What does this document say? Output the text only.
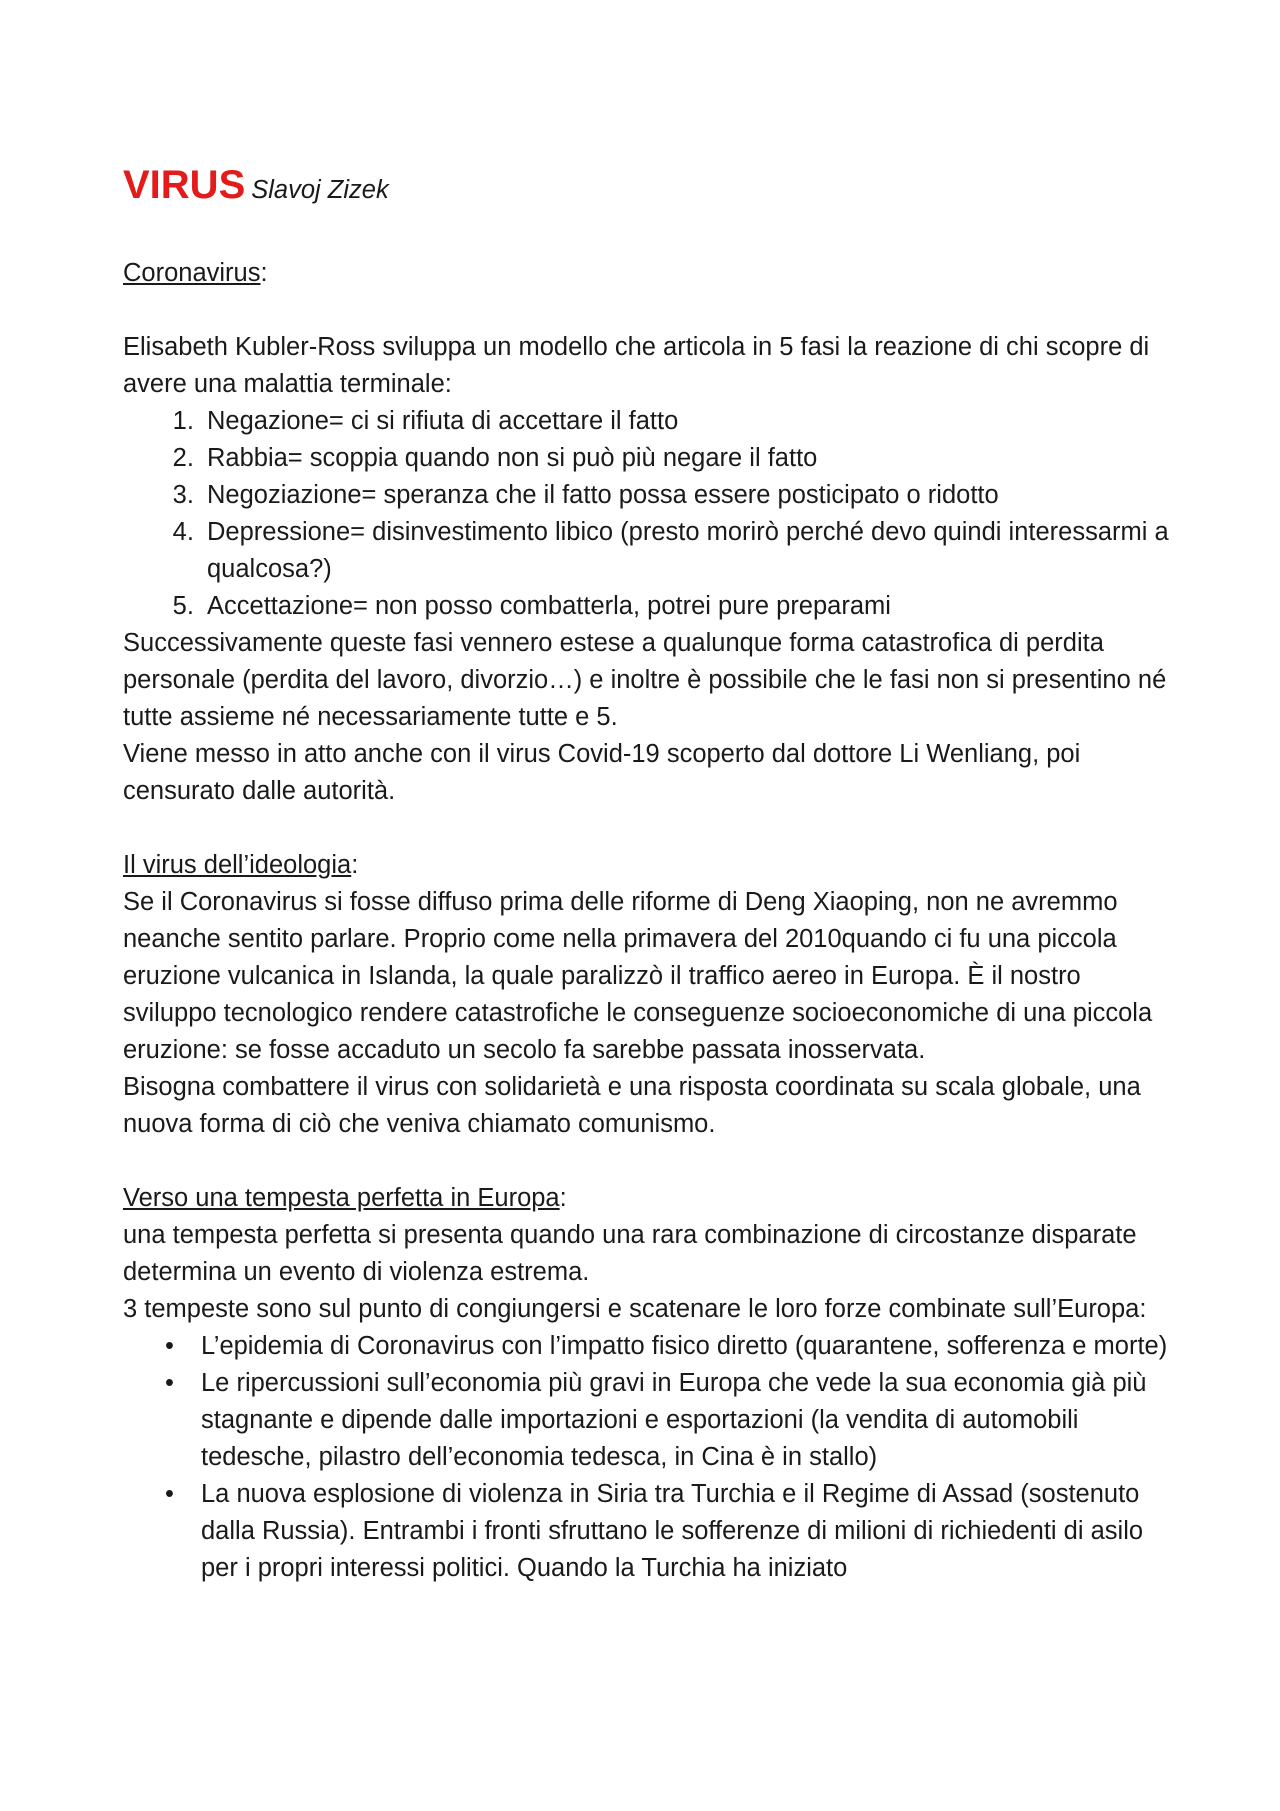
VIRUS Slavoj Zizek

Coronavirus:

Elisabeth Kubler-Ross sviluppa un modello che articola in 5 fasi la reazione di chi scopre di avere una malattia terminale:

1. Negazione= ci si rifiuta di accettare il fatto
2. Rabbia= scoppia quando non si può più negare il fatto
3. Negoziazione= speranza che il fatto possa essere posticipato o ridotto
4. Depressione= disinvestimento libico (presto morirò perché devo quindi interessarmi a qualcosa?)
5. Accettazione= non posso combatterla, potrei pure preparami

Successivamente queste fasi vennero estese a qualunque forma catastrofica di perdita personale (perdita del lavoro, divorzio…) e inoltre è possibile che le fasi non si presentino né tutte assieme né necessariamente tutte e 5.

Viene messo in atto anche con il virus Covid-19 scoperto dal dottore Li Wenliang, poi censurato dalle autorità.

Il virus dell’ideologia:

Se il Coronavirus si fosse diffuso prima delle riforme di Deng Xiaoping, non ne avremmo neanche sentito parlare. Proprio come nella primavera del 2010quando ci fu una piccola eruzione vulcanica in Islanda, la quale paralizzò il traffico aereo in Europa. È il nostro sviluppo tecnologico rendere catastrofiche le conseguenze socioeconomiche di una piccola eruzione: se fosse accaduto un secolo fa sarebbe passata inosservata.

Bisogna combattere il virus con solidarietà e una risposta coordinata su scala globale, una nuova forma di ciò che veniva chiamato comunismo.

Verso una tempesta perfetta in Europa:

una tempesta perfetta si presenta quando una rara combinazione di circostanze disparate determina un evento di violenza estrema.

3 tempeste sono sul punto di congiungersi e scatenare le loro forze combinate sull’Europa:

• L’epidemia di Coronavirus con l’impatto fisico diretto (quarantene, sofferenza e morte)
• Le ripercussioni sull’economia più gravi in Europa che vede la sua economia già più stagnante e dipende dalle importazioni e esportazioni (la vendita di automobili tedesche, pilastro dell’economia tedesca, in Cina è in stallo)
• La nuova esplosione di violenza in Siria tra Turchia e il Regime di Assad (sostenuto dalla Russia). Entrambi i fronti sfruttano le sofferenze di milioni di richiedenti di asilo per i propri interessi politici. Quando la Turchia ha iniziato
